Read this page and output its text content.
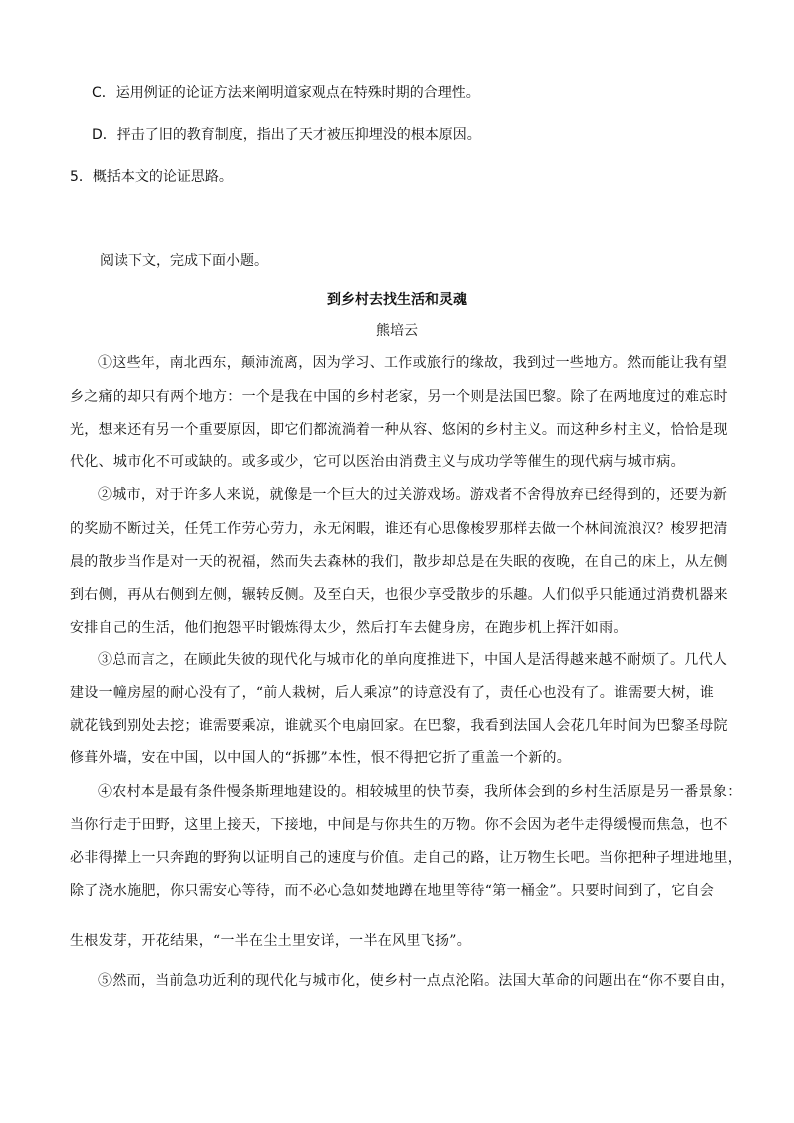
C．运用例证的论证方法来阐明道家观点在特殊时期的合理性。
D．抨击了旧的教育制度，指出了天才被压抑埋没的根本原因。
5．概括本文的论证思路。
阅读下文，完成下面小题。
到乡村去找生活和灵魂
熊培云
①这些年，南北西东，颠沛流离，因为学习、工作或旅行的缘故，我到过一些地方。然而能让我有望
乡之痛的却只有两个地方：一个是我在中国的乡村老家，另一个则是法国巴黎。除了在两地度过的难忘时
光，想来还有另一个重要原因，即它们都流淌着一种从容、悠闲的乡村主义。而这种乡村主义，恰恰是现
代化、城市化不可或缺的。或多或少，它可以医治由消费主义与成功学等催生的现代病与城市病。
②城市，对于许多人来说，就像是一个巨大的过关游戏场。游戏者不舍得放弃已经得到的，还要为新
的奖励不断过关，任凭工作劳心劳力，永无闲暇，谁还有心思像梭罗那样去做一个林间流浪汉？梭罗把清
晨的散步当作是对一天的祝福，然而失去森林的我们，散步却总是在失眠的夜晚，在自己的床上，从左侧
到右侧，再从右侧到左侧，辗转反侧。及至白天，也很少享受散步的乐趣。人们似乎只能通过消费机器来
安排自己的生活，他们抱怨平时锻炼得太少，然后打车去健身房，在跑步机上挥汗如雨。
③总而言之，在顾此失彼的现代化与城市化的单向度推进下，中国人是活得越来越不耐烦了。几代人
建设一幢房屋的耐心没有了，“前人栽树，后人乘凉”的诗意没有了，责任心也没有了。谁需要大树，谁
就花钱到别处去挖；谁需要乘凉，谁就买个电扇回家。在巴黎，我看到法国人会花几年时间为巴黎圣母院
修葺外墙，安在中国，以中国人的“拆挪”本性，恨不得把它折了重盖一个新的。
④农村本是最有条件慢条斯理地建设的。相较城里的快节奏，我所体会到的乡村生活原是另一番景象：
当你行走于田野，这里上接天，下接地，中间是与你共生的万物。你不会因为老牛走得缓慢而焦急，也不
必非得撵上一只奔跑的野狗以证明自己的速度与价值。走自己的路，让万物生长吧。当你把种子埋进地里，
除了浇水施肥，你只需安心等待，而不必心急如焚地蹲在地里等待“第一桶金”。只要时间到了，它自会
生根发芽，开花结果，“一半在尘土里安详，一半在风里飞扬”。
⑤然而，当前急功近利的现代化与城市化，使乡村一点点沦陷。法国大革命的问题出在“你不要自由，
